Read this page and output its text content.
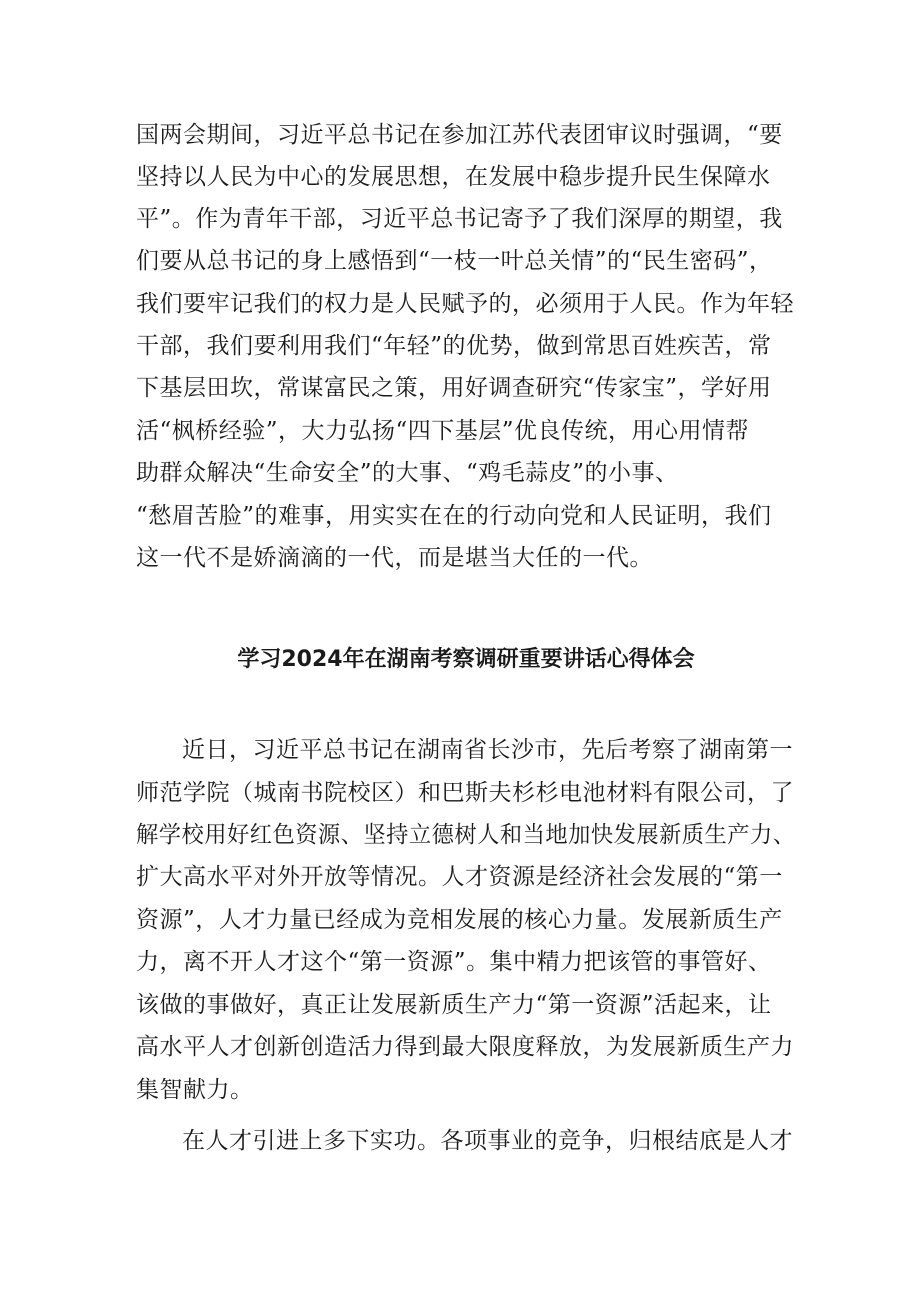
国两会期间，习近平总书记在参加江苏代表团审议时强调，“要
坚持以人民为中心的发展思想，在发展中稳步提升民生保障水
平”。作为青年干部，习近平总书记寄予了我们深厚的期望，我
们要从总书记的身上感悟到“一枝一叶总关情”的“民生密码”，
我们要牢记我们的权力是人民赋予的，必须用于人民。作为年轻
干部，我们要利用我们“年轻”的优势，做到常思百姓疾苦，常
下基层田坎，常谋富民之策，用好调查研究“传家宝”，学好用
活“枫桥经验”，大力弘扬“四下基层”优良传统，用心用情帮
助群众解决“生命安全”的大事、“鸡毛蒜皮”的小事、
“愁眉苦脸”的难事，用实实在在的行动向党和人民证明，我们
这一代不是娇滴滴的一代，而是堪当大任的一代。
学习2024年在湖南考察调研重要讲话心得体会
近日，习近平总书记在湖南省长沙市，先后考察了湖南第一
师范学院（城南书院校区）和巴斯夫杉杉电池材料有限公司，了
解学校用好红色资源、坚持立德树人和当地加快发展新质生产力、
扩大高水平对外开放等情况。人才资源是经济社会发展的“第一
资源”，人才力量已经成为竞相发展的核心力量。发展新质生产
力，离不开人才这个“第一资源”。集中精力把该管的事管好、
该做的事做好，真正让发展新质生产力“第一资源”活起来，让
高水平人才创新创造活力得到最大限度释放，为发展新质生产力
集智献力。
在人才引进上多下实功。各项事业的竞争，归根结底是人才
